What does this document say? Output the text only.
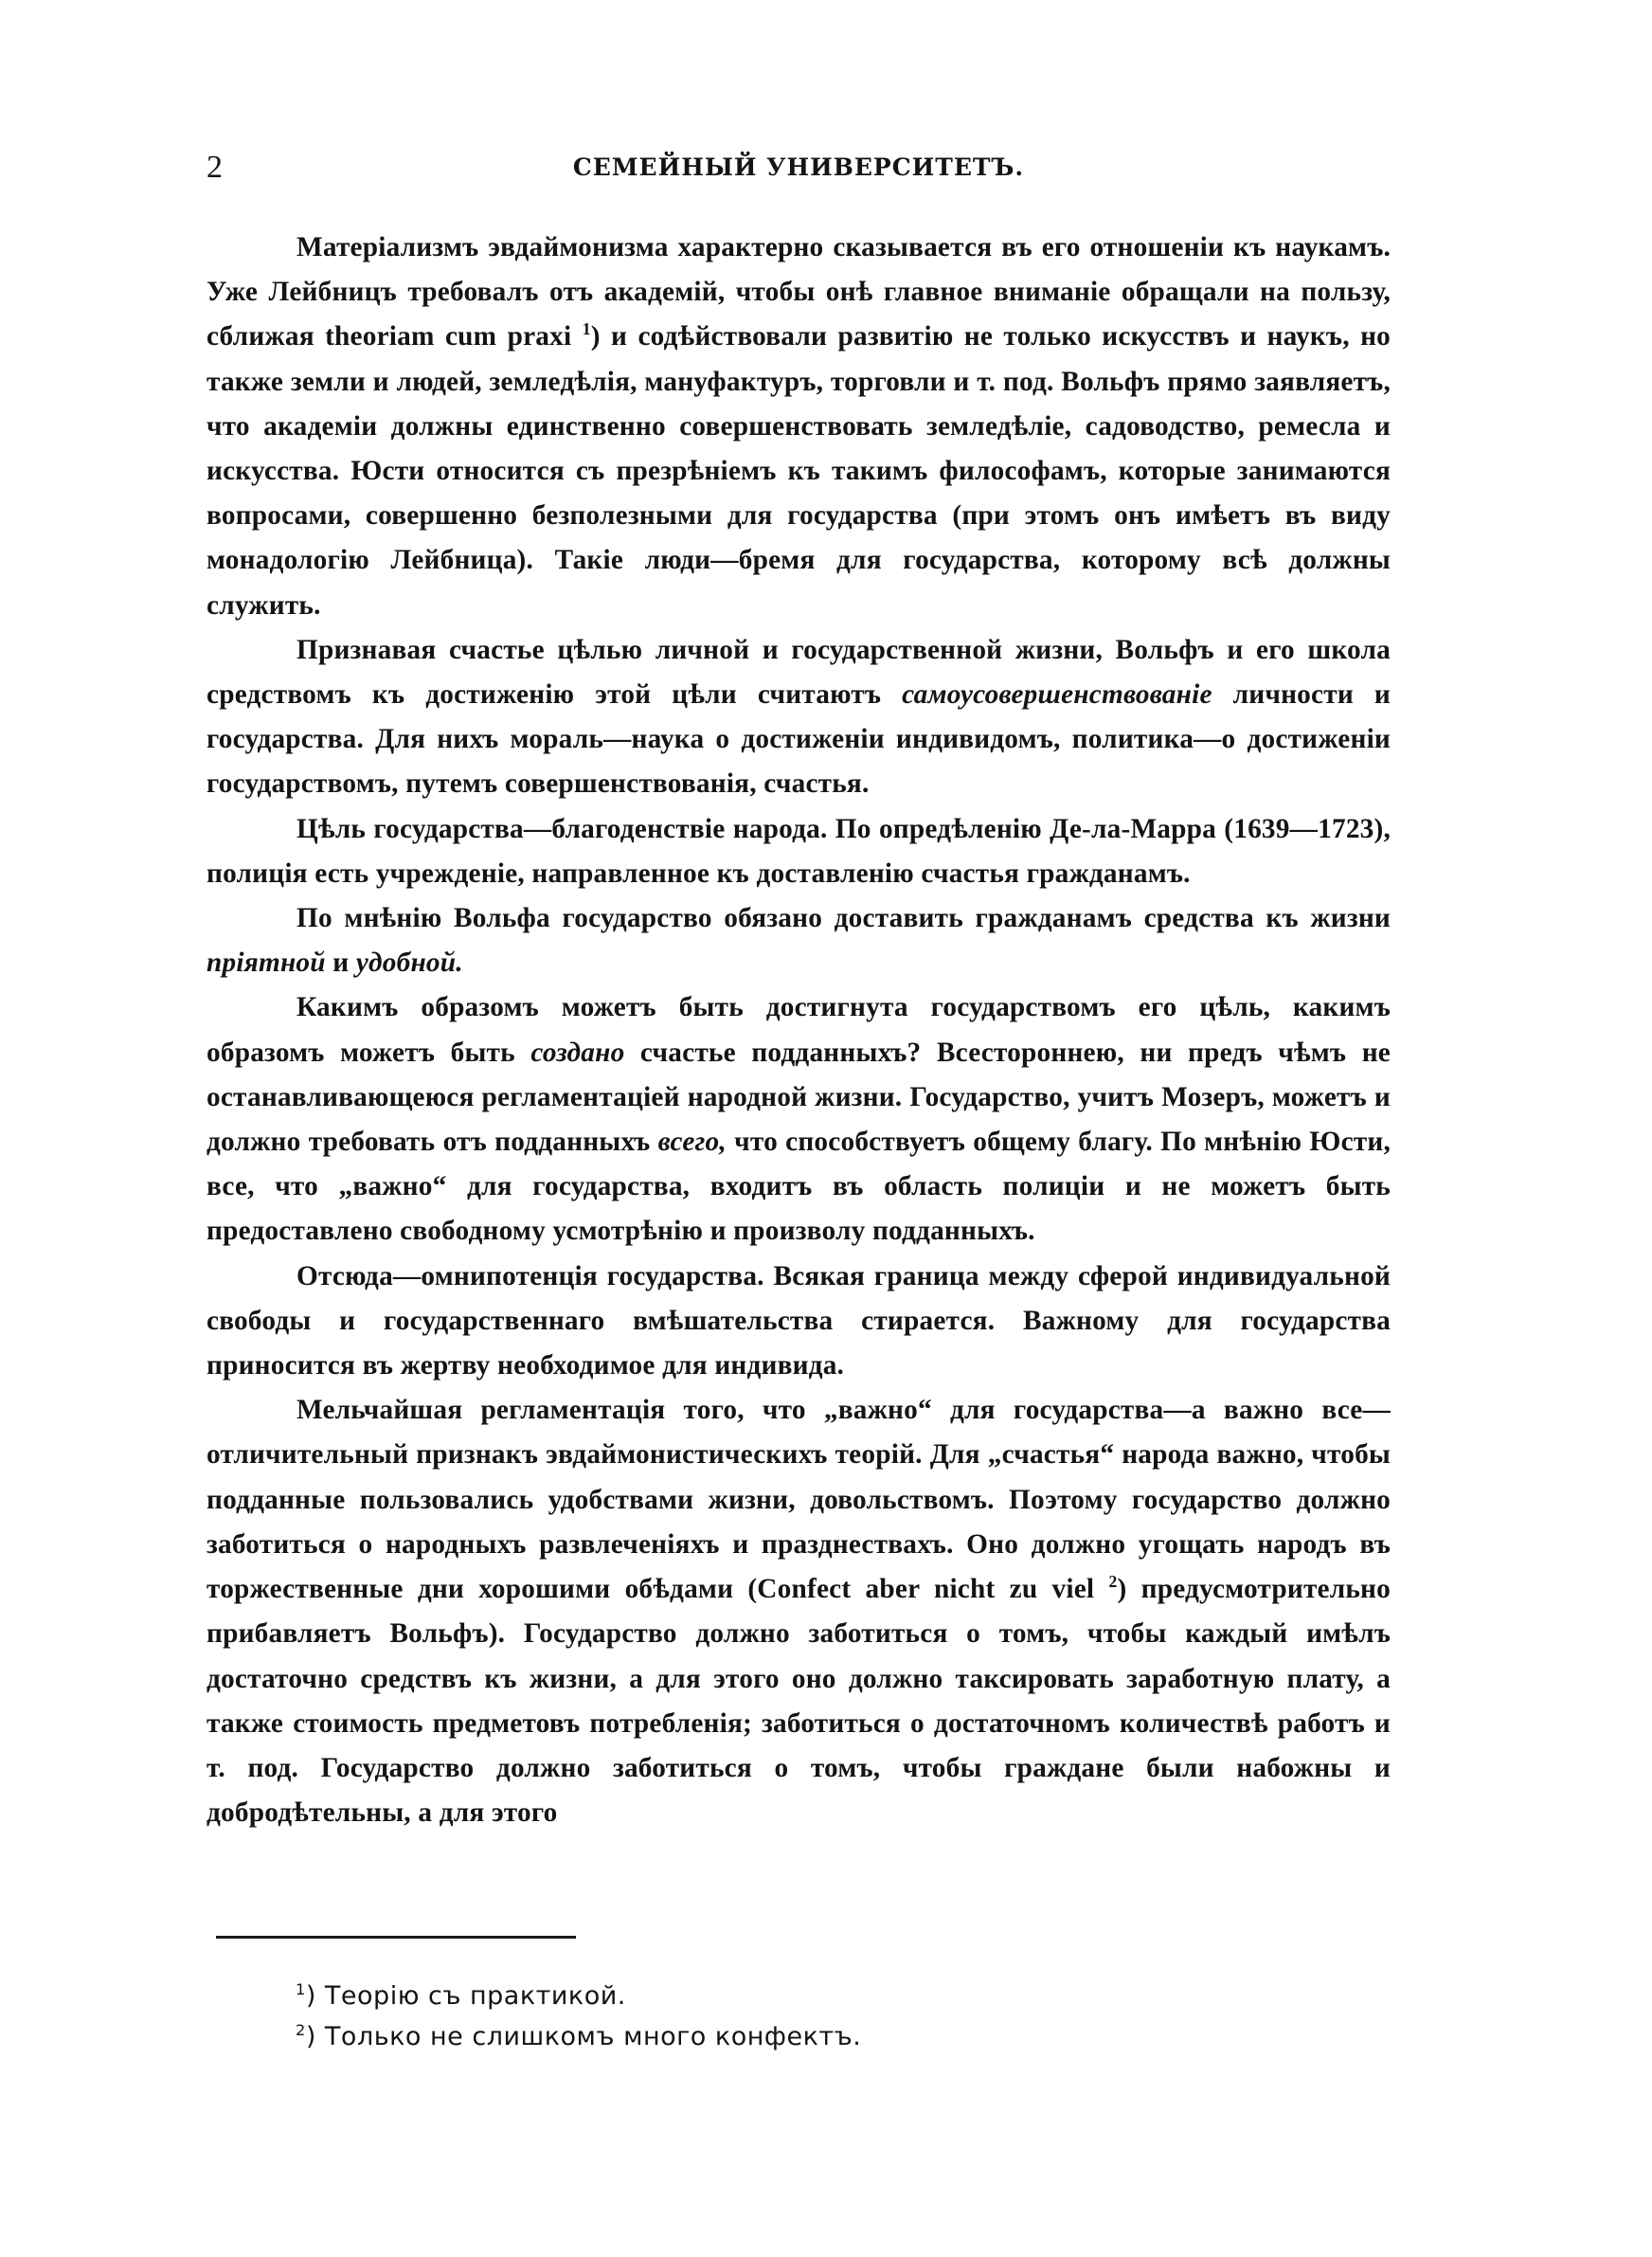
2	СЕМЕЙНЫЙ УНИВЕРСИТЕТЪ.

Матеріализмъ эвдаймонизма характерно сказывается въ его отношеніи къ наукамъ. Уже Лейбницъ требовалъ отъ академій, чтобы онѣ главное вниманіе обращали на пользу, сближая theoriam cum praxi $^1$) и содѣйствовали развитію не только искусствъ и наукъ, но также земли и людей, земледѣлія, мануфактуръ, торговли и т. под. Вольфъ прямо заявляетъ, что академіи должны единственно совершенствовать земледѣліе, садоводство, ремесла и искусства. Юсти относится съ презрѣніемъ къ такимъ философамъ, которые занимаются вопросами, совершенно безполезными для государства (при этомъ онъ имѣетъ въ виду монадологію Лейбница). Такіе люди—бремя для государства, которому всѣ должны служить.

Признавая счастье цѣлью личной и государственной жизни, Вольфъ и его школа средствомъ къ достиженію этой цѣли считаютъ самоусовершенствованіе личности и государства. Для нихъ мораль—наука о достиженіи индивидомъ, политика—о достиженіи государствомъ, путемъ совершенствованія, счастья.

Цѣль государства—благоденствіе народа. По опредѣленію Де-ла-Марра (1639—1723), полиція есть учрежденіе, направленное къ доставленію счастья гражданамъ.

По мнѣнію Вольфа государство обязано доставить гражданамъ средства къ жизни пріятной и удобной.

Какимъ образомъ можетъ быть достигнута государствомъ его цѣль, какимъ образомъ можетъ быть создано счастье подданныхъ? Всестороннею, ни предъ чѣмъ не останавливающеюся регламентаціей народной жизни. Государство, учитъ Мозеръ, можетъ и должно требовать отъ подданныхъ всего, что способствуетъ общему благу. По мнѣнію Юсти, все, что „важно“ для государства, входитъ въ область полиціи и не можетъ быть предоставлено свободному усмотрѣнію и произволу подданныхъ.

Отсюда—омнипотенція государства. Всякая граница между сферой индивидуальной свободы и государственнаго вмѣшательства стирается. Важному для государства приносится въ жертву необходимое для индивида.

Мельчайшая регламентація того, что „важно“ для государства—а важно все—отличительный признакъ эвдаймонистическихъ теорій. Для „счастья“ народа важно, чтобы подданные пользовались удобствами жизни, довольствомъ. Поэтому государство должно заботиться о народныхъ развлеченіяхъ и празднествахъ. Оно должно угощать народъ въ торжественные дни хорошими обѣдами (Confect aber nicht zu viel $^2$) предусмотрительно прибавляетъ Вольфъ). Государство должно заботиться о томъ, чтобы каждый имѣлъ достаточно средствъ къ жизни, а для этого оно должно таксировать заработную плату, а также стоимость предметовъ потребленія; заботиться о достаточномъ количествѣ работъ и т. под. Государство должно заботиться о томъ, чтобы граждане были набожны и добродѣтельны, а для этого

$^1$) Теорію съ практикой.

$^2$) Только не слишкомъ много конфектъ.
